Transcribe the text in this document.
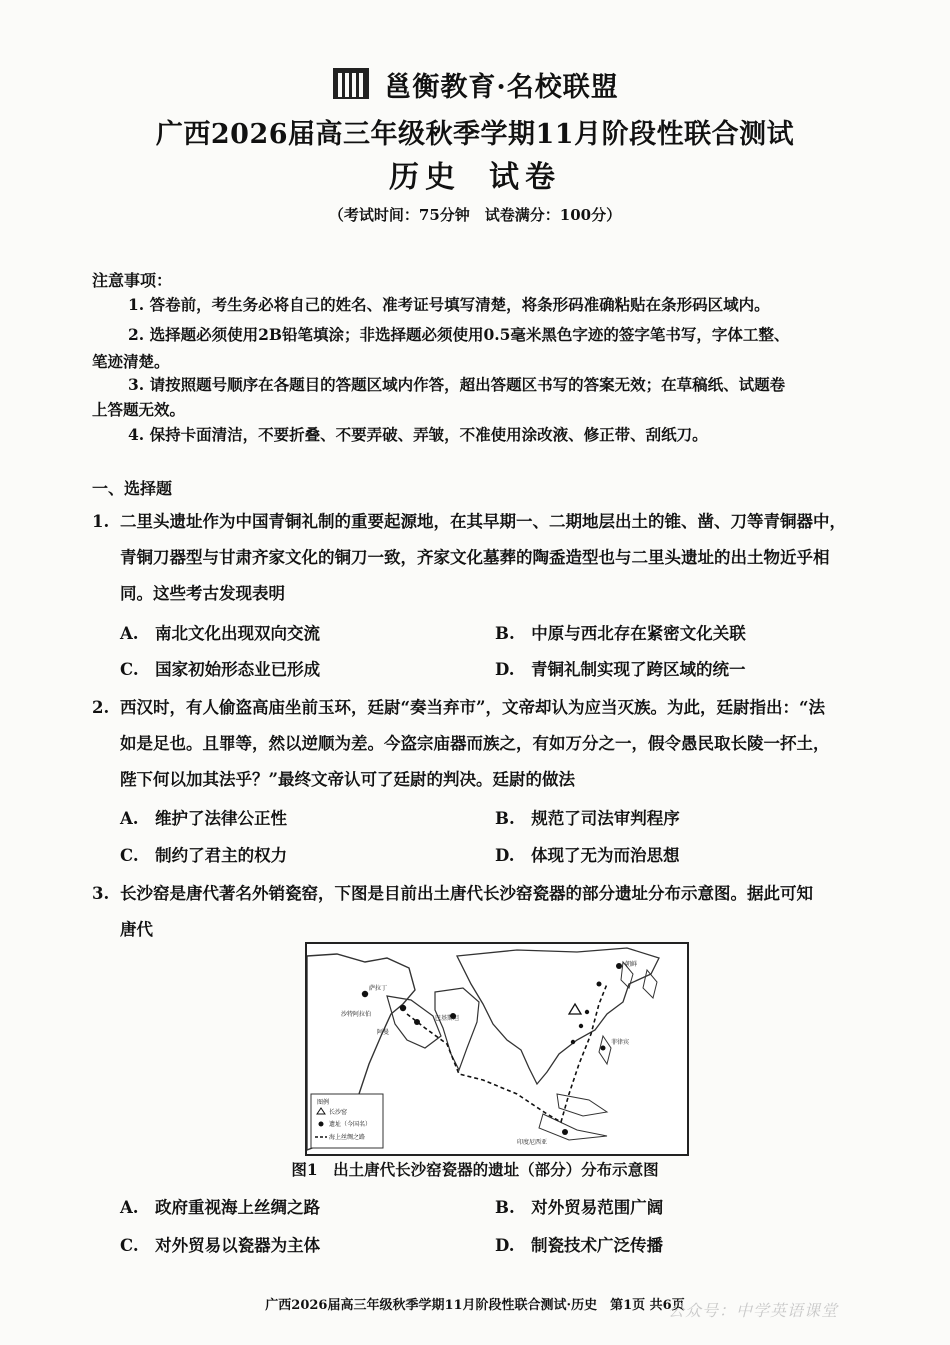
邕衡教育·名校联盟
广西2026届高三年级秋季学期11月阶段性联合测试
历史 试卷
（考试时间：75分钟　试卷满分：100分）
注意事项：
1. 答卷前，考生务必将自己的姓名、准考证号填写清楚，将条形码准确粘贴在条形码区域内。
2. 选择题必须使用2B铅笔填涂；非选择题必须使用0.5毫米黑色字迹的签字笔书写，字体工整、
笔迹清楚。
3. 请按照题号顺序在各题目的答题区域内作答，超出答题区书写的答案无效；在草稿纸、试题卷
上答题无效。
4. 保持卡面清洁，不要折叠、不要弄破、弄皱，不准使用涂改液、修正带、刮纸刀。
一、选择题
1. 二里头遗址作为中国青铜礼制的重要起源地，在其早期一、二期地层出土的锥、凿、刀等青铜器中，
青铜刀器型与甘肃齐家文化的铜刀一致，齐家文化墓葬的陶盉造型也与二里头遗址的出土物近乎相
同。这些考古发现表明
A.　南北文化出现双向交流	B.　中原与西北存在紧密文化关联
C.　国家初始形态业已形成	D.　青铜礼制实现了跨区域的统一
2. 西汉时，有人偷盗高庙坐前玉环，廷尉“奏当弃市”，文帝却认为应当灭族。为此，廷尉指出：“法
如是足也。且罪等，然以逆顺为差。今盗宗庙器而族之，有如万分之一，假令愚民取长陵一抔土，
陛下何以加其法乎？”最终文帝认可了廷尉的判决。廷尉的做法
A.　维护了法律公正性	B.　规范了司法审判程序
C.　制约了君主的权力	D.　体现了无为而治思想
3. 长沙窑是唐代著名外销瓷窑，下图是目前出土唐代长沙窑瓷器的部分遗址分布示意图。据此可知
唐代
萨拉丁
沙特阿拉伯
阿曼
巴基斯坦
朝鲜
菲律宾
印度尼西亚
图例
长沙窑
遗址（今国名）
海上丝绸之路
图1　出土唐代长沙窑瓷器的遗址（部分）分布示意图
A.　政府重视海上丝绸之路	B.　对外贸易范围广阔
C.　对外贸易以瓷器为主体	D.　制瓷技术广泛传播
广西2026届高三年级秋季学期11月阶段性联合测试·历史　第1页 共6页
公众号：中学英语课堂
